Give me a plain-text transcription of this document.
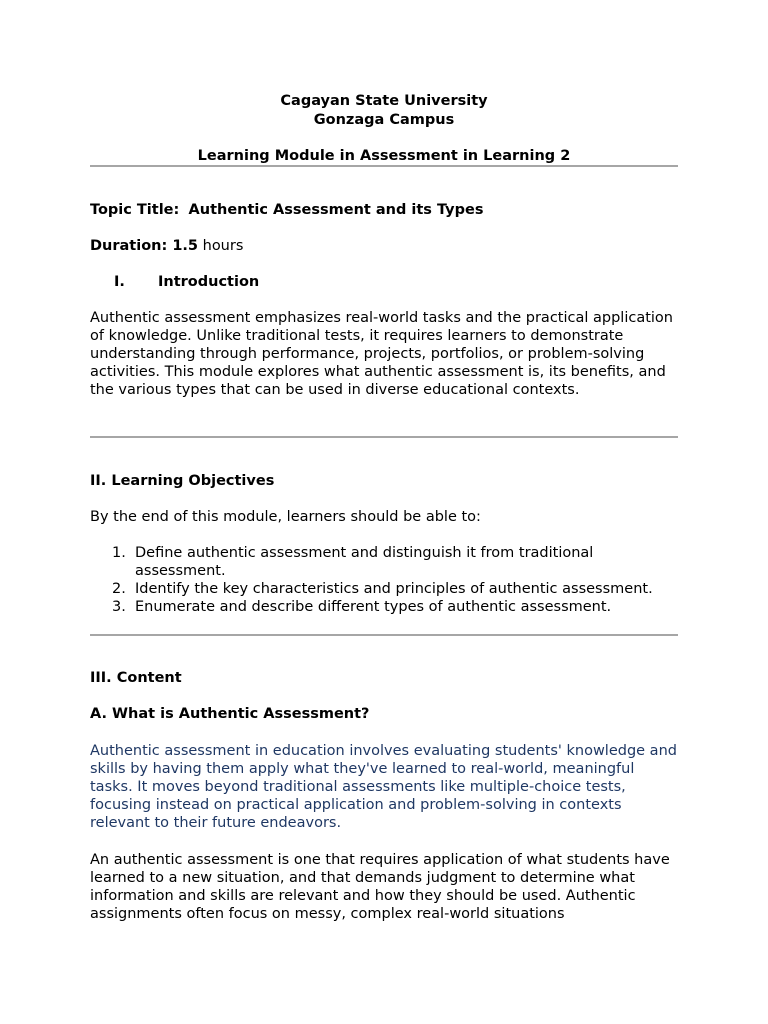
Cagayan State University
Gonzaga Campus
Learning Module in Assessment in Learning 2
Topic Title: Authentic Assessment and its Types
Duration: 1.5 hours
I. Introduction
Authentic assessment emphasizes real-world tasks and the practical application of knowledge. Unlike traditional tests, it requires learners to demonstrate understanding through performance, projects, portfolios, or problem-solving activities. This module explores what authentic assessment is, its benefits, and the various types that can be used in diverse educational contexts.
II. Learning Objectives
By the end of this module, learners should be able to:
1. Define authentic assessment and distinguish it from traditional assessment.
2. Identify the key characteristics and principles of authentic assessment.
3. Enumerate and describe different types of authentic assessment.
III. Content
A. What is Authentic Assessment?
Authentic assessment in education involves evaluating students' knowledge and skills by having them apply what they've learned to real-world, meaningful tasks. It moves beyond traditional assessments like multiple-choice tests, focusing instead on practical application and problem-solving in contexts relevant to their future endeavors.
An authentic assessment is one that requires application of what students have learned to a new situation, and that demands judgment to determine what information and skills are relevant and how they should be used. Authentic assignments often focus on messy, complex real-world situations
